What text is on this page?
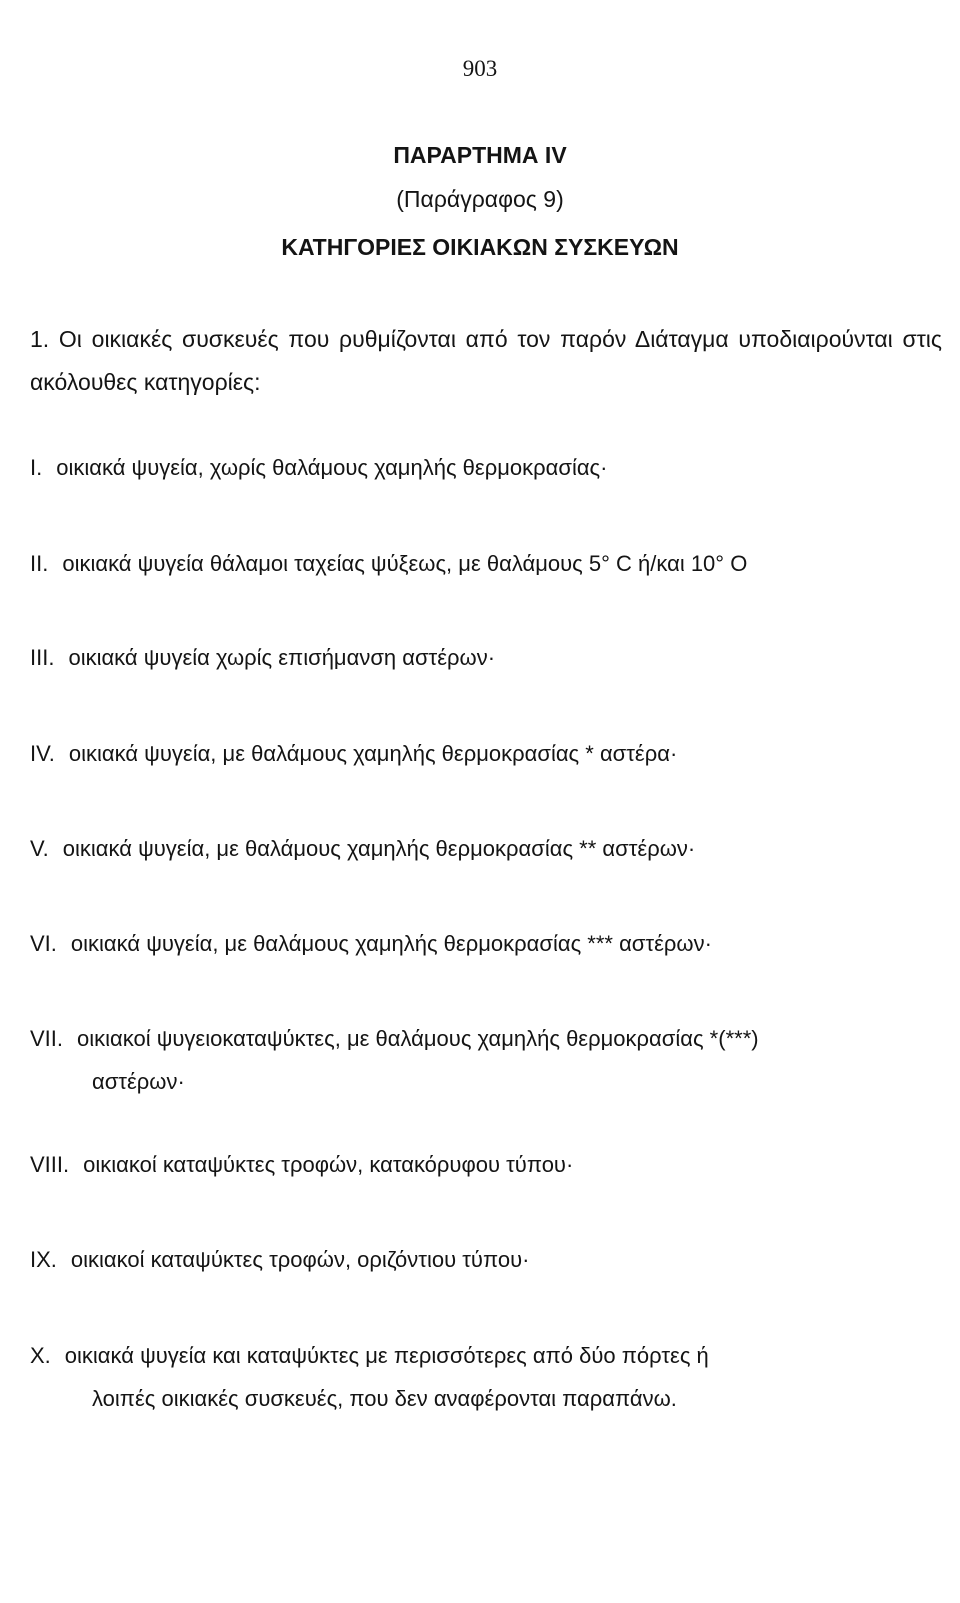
903
ΠΑΡΑΡΤΗΜΑ IV
(Παράγραφος 9)
ΚΑΤΗΓΟΡΙΕΣ ΟΙΚΙΑΚΩΝ ΣΥΣΚΕΥΩΝ
1. Οι οικιακές συσκευές που ρυθμίζονται από τον παρόν Διάταγμα υποδιαιρούνται στις ακόλουθες κατηγορίες:
I. οικιακά ψυγεία, χωρίς θαλάμους χαμηλής θερμοκρασίας·
II. οικιακά ψυγεία θάλαμοι ταχείας ψύξεως, με θαλάμους 5° C ή/και 10° Ο
III. οικιακά ψυγεία χωρίς επισήμανση αστέρων·
IV. οικιακά ψυγεία, με θαλάμους χαμηλής θερμοκρασίας * αστέρα·
V. οικιακά ψυγεία, με θαλάμους χαμηλής θερμοκρασίας ** αστέρων·
VI. οικιακά ψυγεία, με θαλάμους χαμηλής θερμοκρασίας *** αστέρων·
VII. οικιακοί ψυγειοκαταψύκτες, με θαλάμους χαμηλής θερμοκρασίας *(***)
αστέρων·
VIII. οικιακοί καταψύκτες τροφών, κατακόρυφου τύπου·
IX. οικιακοί καταψύκτες τροφών, οριζόντιου τύπου·
X. οικιακά ψυγεία και καταψύκτες με περισσότερες από δύο πόρτες ή
λοιπές οικιακές συσκευές, που δεν αναφέρονται παραπάνω.
